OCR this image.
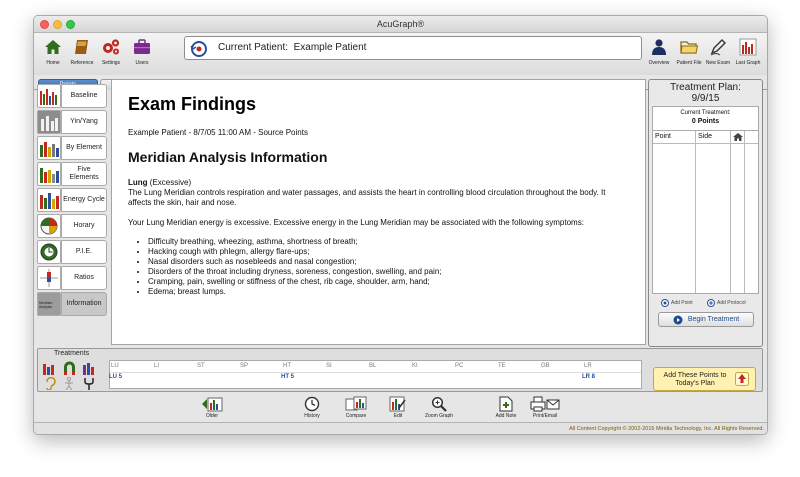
AcuGraph®
Home	Reference	Settings	Users
Current Patient: Example Patient
Overview	Patient File New Exam	Last Graph
Baseline
Yin/Yang
By Element
Five Elements
Energy Cycle
Horary
P.I.E.
Ratios
Meridian Analysis	Information
Exam Findings
Example Patient - 8/7/05 11:00 AM - Source Points
Meridian Analysis Information

Lung (Excessive)
The Lung Meridian controls respiration and water passages, and assists the heart in controlling blood circulation throughout the body. It affects the skin, hair and nose.

Your Lung Meridian energy is excessive. Excessive energy in the Lung Meridian may be associated with the following symptoms:

• Difficulty breathing, wheezing, asthma, shortness of breath;
• Hacking cough with phlegm, allergy flare-ups;
• Nasal disorders such as nosebleeds and nasal congestion;
• Disorders of the throat including dryness, soreness, congestion, swelling, and pain;
• Cramping, pain, swelling or stiffness of the chest, rib cage, shoulder, arm, hand;
• Edema; breast lumps.
Treatment Plan:
9/9/15
Current Treatment:
0 Points
Point	Side
Add Point	Add Protocol
Begin Treatment
Treatments
LU	LI	ST	SP	HT	SI	BL	KI	PC	TE	GB	LR
LU 5	HT 5	LR 8	Add These Points to Today's Plan
Older	History	Compare	Edit	Zoom Graph	Add Note	Print/Email
All Content Copyright © 2002-2015 Miridia Technology, Inc. All Rights Reserved.
